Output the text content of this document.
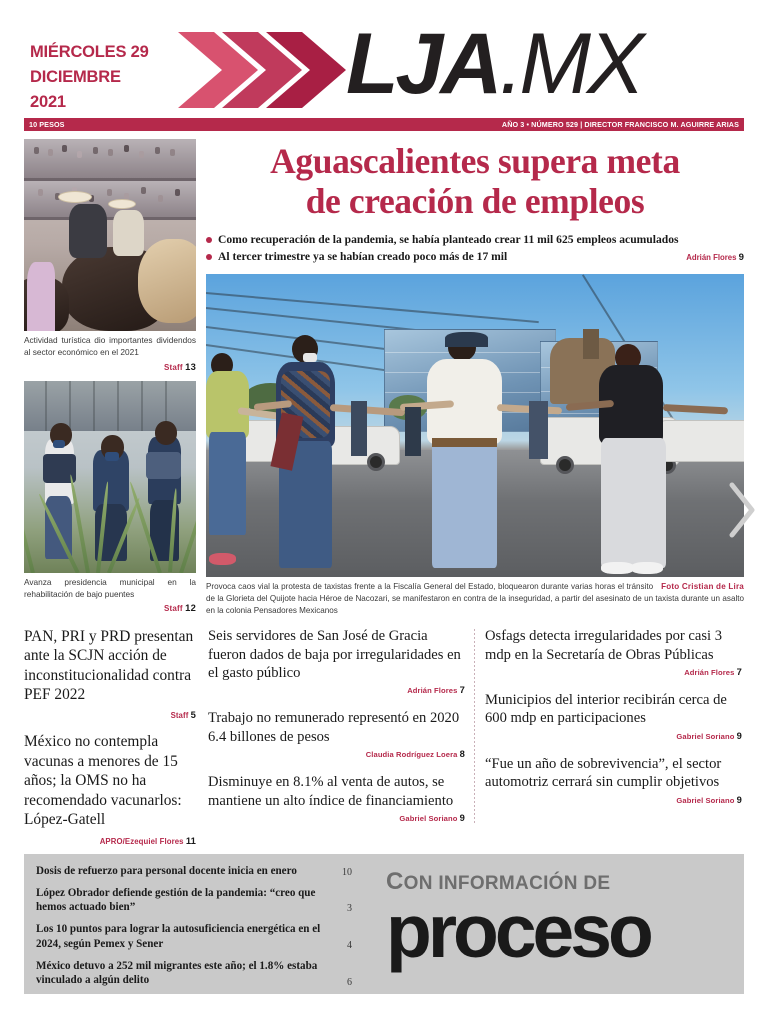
MIÉRCOLES 29
DICIEMBRE
2021	LJA.MX
10 PESOS	AÑO 3 • NÚMERO 529 | DIRECTOR FRANCISCO M. AGUIRRE ARIAS
Actividad turística dio importantes dividendos al sector económico en el 2021
Staff 13
Avanza presidencia municipal en la rehabilitación de bajo puentes
Staff 12
PAN, PRI y PRD presentan ante la SCJN acción de inconstitucionalidad contra PEF 2022
Staff 5
México no contempla vacunas a menores de 15 años; la OMS no ha recomendado vacunarlos: López-Gatell
APRO/Ezequiel Flores 11
Aguascalientes supera meta
de creación de empleos
Como recuperación de la pandemia, se había planteado crear 11 mil 625 empleos acumulados
Al tercer trimestre ya se habían creado poco más de 17 mil	Adrián Flores 9
Foto Cristian de Lira
Provoca caos vial la protesta de taxistas frente a la Fiscalía General del Estado, bloquearon durante varias horas el tránsito de la Glorieta del Quijote hacia Héroe de Nacozari, se manifestaron en contra de la inseguridad, a partir del asesinato de un taxista durante un asalto en la colonia Pensadores Mexicanos
Seis servidores de San José de Gracia fueron dados de baja por irregularidades en el gasto público
Adrián Flores 7
Trabajo no remunerado representó en 2020 6.4 billones de pesos
Claudia Rodríguez Loera 8
Disminuye en 8.1% al venta de autos, se mantiene un alto índice de financiamiento
Gabriel Soriano 9
Osfags detecta irregularidades por casi 3 mdp en la Secretaría de Obras Públicas
Adrián Flores 7
Municipios del interior recibirán cerca de 600 mdp en participaciones
Gabriel Soriano 9
“Fue un año de sobrevivencia”, el sector automotriz cerrará sin cumplir objetivos
Gabriel Soriano 9
Dosis de refuerzo para personal docente inicia en enero	10
López Obrador defiende gestión de la pandemia: “creo que hemos actuado bien”	3
Los 10 puntos para lograr la autosuficiencia energética en el 2024, según Pemex y Sener	4
México detuvo a 252 mil migrantes este año; el 1.8% estaba vinculado a algún delito	6
CON INFORMACIÓN DE
proceso
